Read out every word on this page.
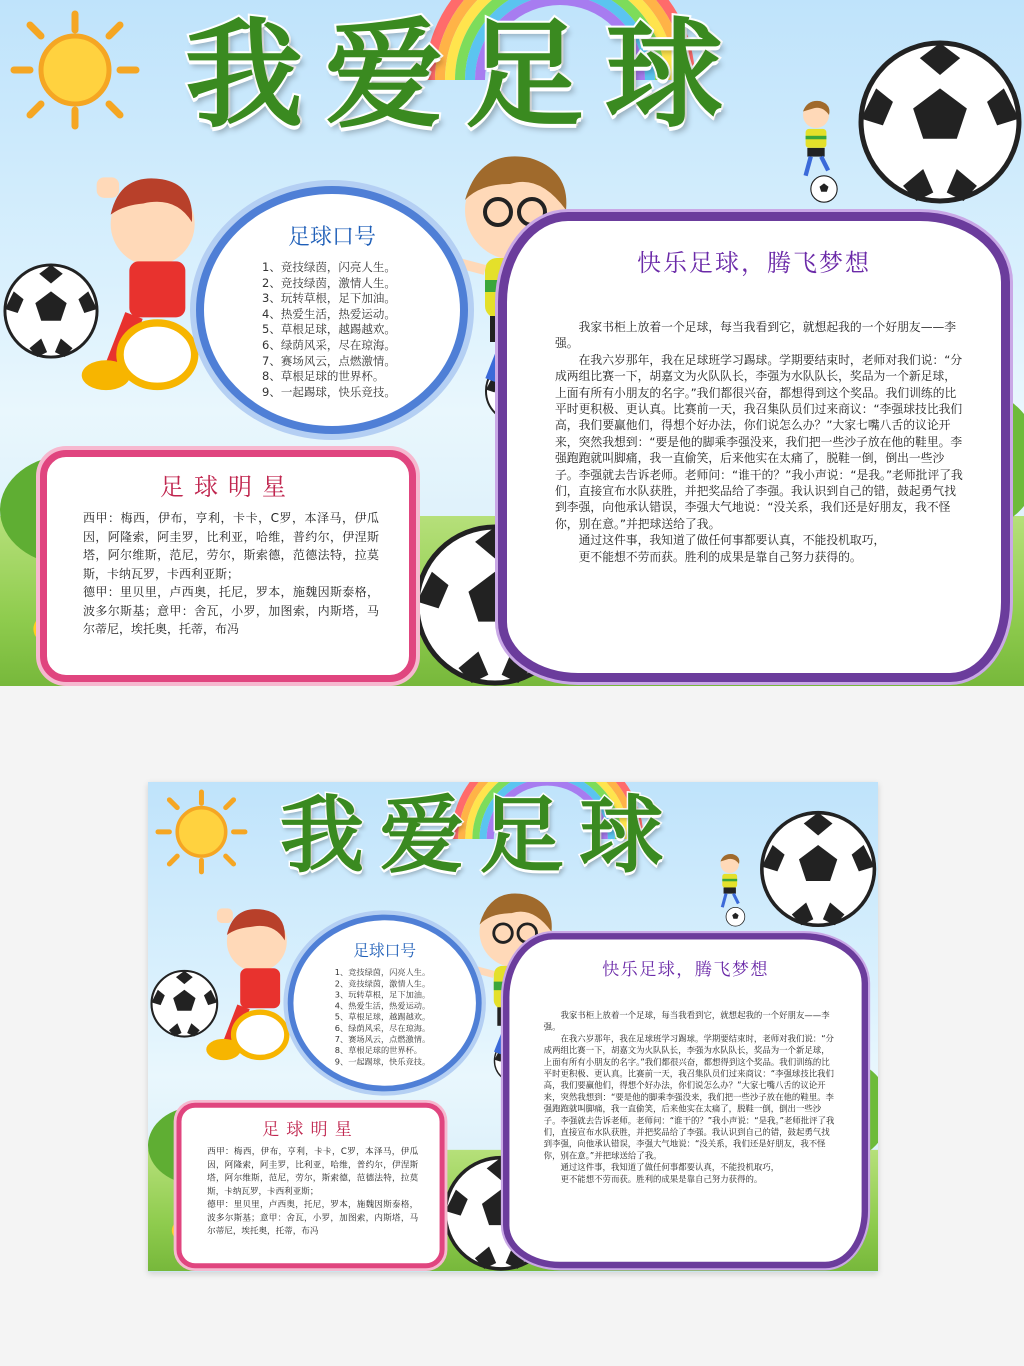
我爱足球
足球口号
1、竞技绿茵，闪亮人生。
2、竞技绿茵，激情人生。
3、玩转草根，足下加油。
4、热爱生活，热爱运动。
5、草根足球，越踢越欢。
6、绿荫风采，尽在琼海。
7、赛场风云，点燃激情。
8、草根足球的世界杯。
9、一起踢球，快乐竞技。
足球明星
西甲：梅西，伊布，亨利，卡卡，C罗，本泽马，伊瓜因，阿隆索，阿圭罗，比利亚，哈维，普约尔，伊涅斯塔，阿尔维斯，范尼，劳尔，斯索德，范德法特，拉莫斯，卡纳瓦罗，卡西利亚斯；
德甲：里贝里，卢西奥，托尼，罗本，施魏因斯泰格，波多尔斯基；意甲：舍瓦，小罗，加图索，内斯塔，马尔蒂尼，埃托奥，托蒂，布冯
快乐足球，腾飞梦想

我家书柜上放着一个足球，每当我看到它，就想起我的一个好朋友——李强。

在我六岁那年，我在足球班学习踢球。学期要结束时，老师对我们说：“分成两组比赛一下，胡嘉文为火队队长，李强为水队队长，奖品为一个新足球，上面有所有小朋友的名字。”我们都很兴奋，都想得到这个奖品。我们训练的比平时更积极、更认真。比赛前一天，我召集队员们过来商议：“李强球技比我们高，我们要赢他们，得想个好办法，你们说怎么办？”大家七嘴八舌的议论开来，突然我想到：“要是他的脚乘李强没来，我们把一些沙子放在他的鞋里。李强跑跑就叫脚痛，我一直偷笑，后来他实在太痛了，脱鞋一倒，倒出一些沙子。李强就去告诉老师。老师问：“谁干的？”我小声说：“是我。”老师批评了我们，直接宣布水队获胜，并把奖品给了李强。我认识到自己的错，鼓起勇气找到李强，向他承认错误，李强大气地说：“没关系，我们还是好朋友，我不怪你，别在意。”并把球送给了我。

通过这件事，我知道了做任何事都要认真，不能投机取巧，

更不能想不劳而获。胜利的成果是靠自己努力获得的。

我爱足球
足球口号
1、竞技绿茵，闪亮人生。
2、竞技绿茵，激情人生。
3、玩转草根，足下加油。
4、热爱生活，热爱运动。
5、草根足球，越踢越欢。
6、绿荫风采，尽在琼海。
7、赛场风云，点燃激情。
8、草根足球的世界杯。
9、一起踢球，快乐竞技。
足球明星
西甲：梅西，伊布，亨利，卡卡，C罗，本泽马，伊瓜因，阿隆索，阿圭罗，比利亚，哈维，普约尔，伊涅斯塔，阿尔维斯，范尼，劳尔，斯索德，范德法特，拉莫斯，卡纳瓦罗，卡西利亚斯；
德甲：里贝里，卢西奥，托尼，罗本，施魏因斯泰格，波多尔斯基；意甲：舍瓦，小罗，加图索，内斯塔，马尔蒂尼，埃托奥，托蒂，布冯
快乐足球，腾飞梦想

我家书柜上放着一个足球，每当我看到它，就想起我的一个好朋友——李强。

在我六岁那年，我在足球班学习踢球。学期要结束时，老师对我们说：“分成两组比赛一下，胡嘉文为火队队长，李强为水队队长，奖品为一个新足球，上面有所有小朋友的名字。”我们都很兴奋，都想得到这个奖品。我们训练的比平时更积极、更认真。比赛前一天，我召集队员们过来商议：“李强球技比我们高，我们要赢他们，得想个好办法，你们说怎么办？”大家七嘴八舌的议论开来，突然我想到：“要是他的脚乘李强没来，我们把一些沙子放在他的鞋里。李强跑跑就叫脚痛，我一直偷笑，后来他实在太痛了，脱鞋一倒，倒出一些沙子。李强就去告诉老师。老师问：“谁干的？”我小声说：“是我。”老师批评了我们，直接宣布水队获胜，并把奖品给了李强。我认识到自己的错，鼓起勇气找到李强，向他承认错误，李强大气地说：“没关系，我们还是好朋友，我不怪你，别在意。”并把球送给了我。

通过这件事，我知道了做任何事都要认真，不能投机取巧，

更不能想不劳而获。胜利的成果是靠自己努力获得的。
